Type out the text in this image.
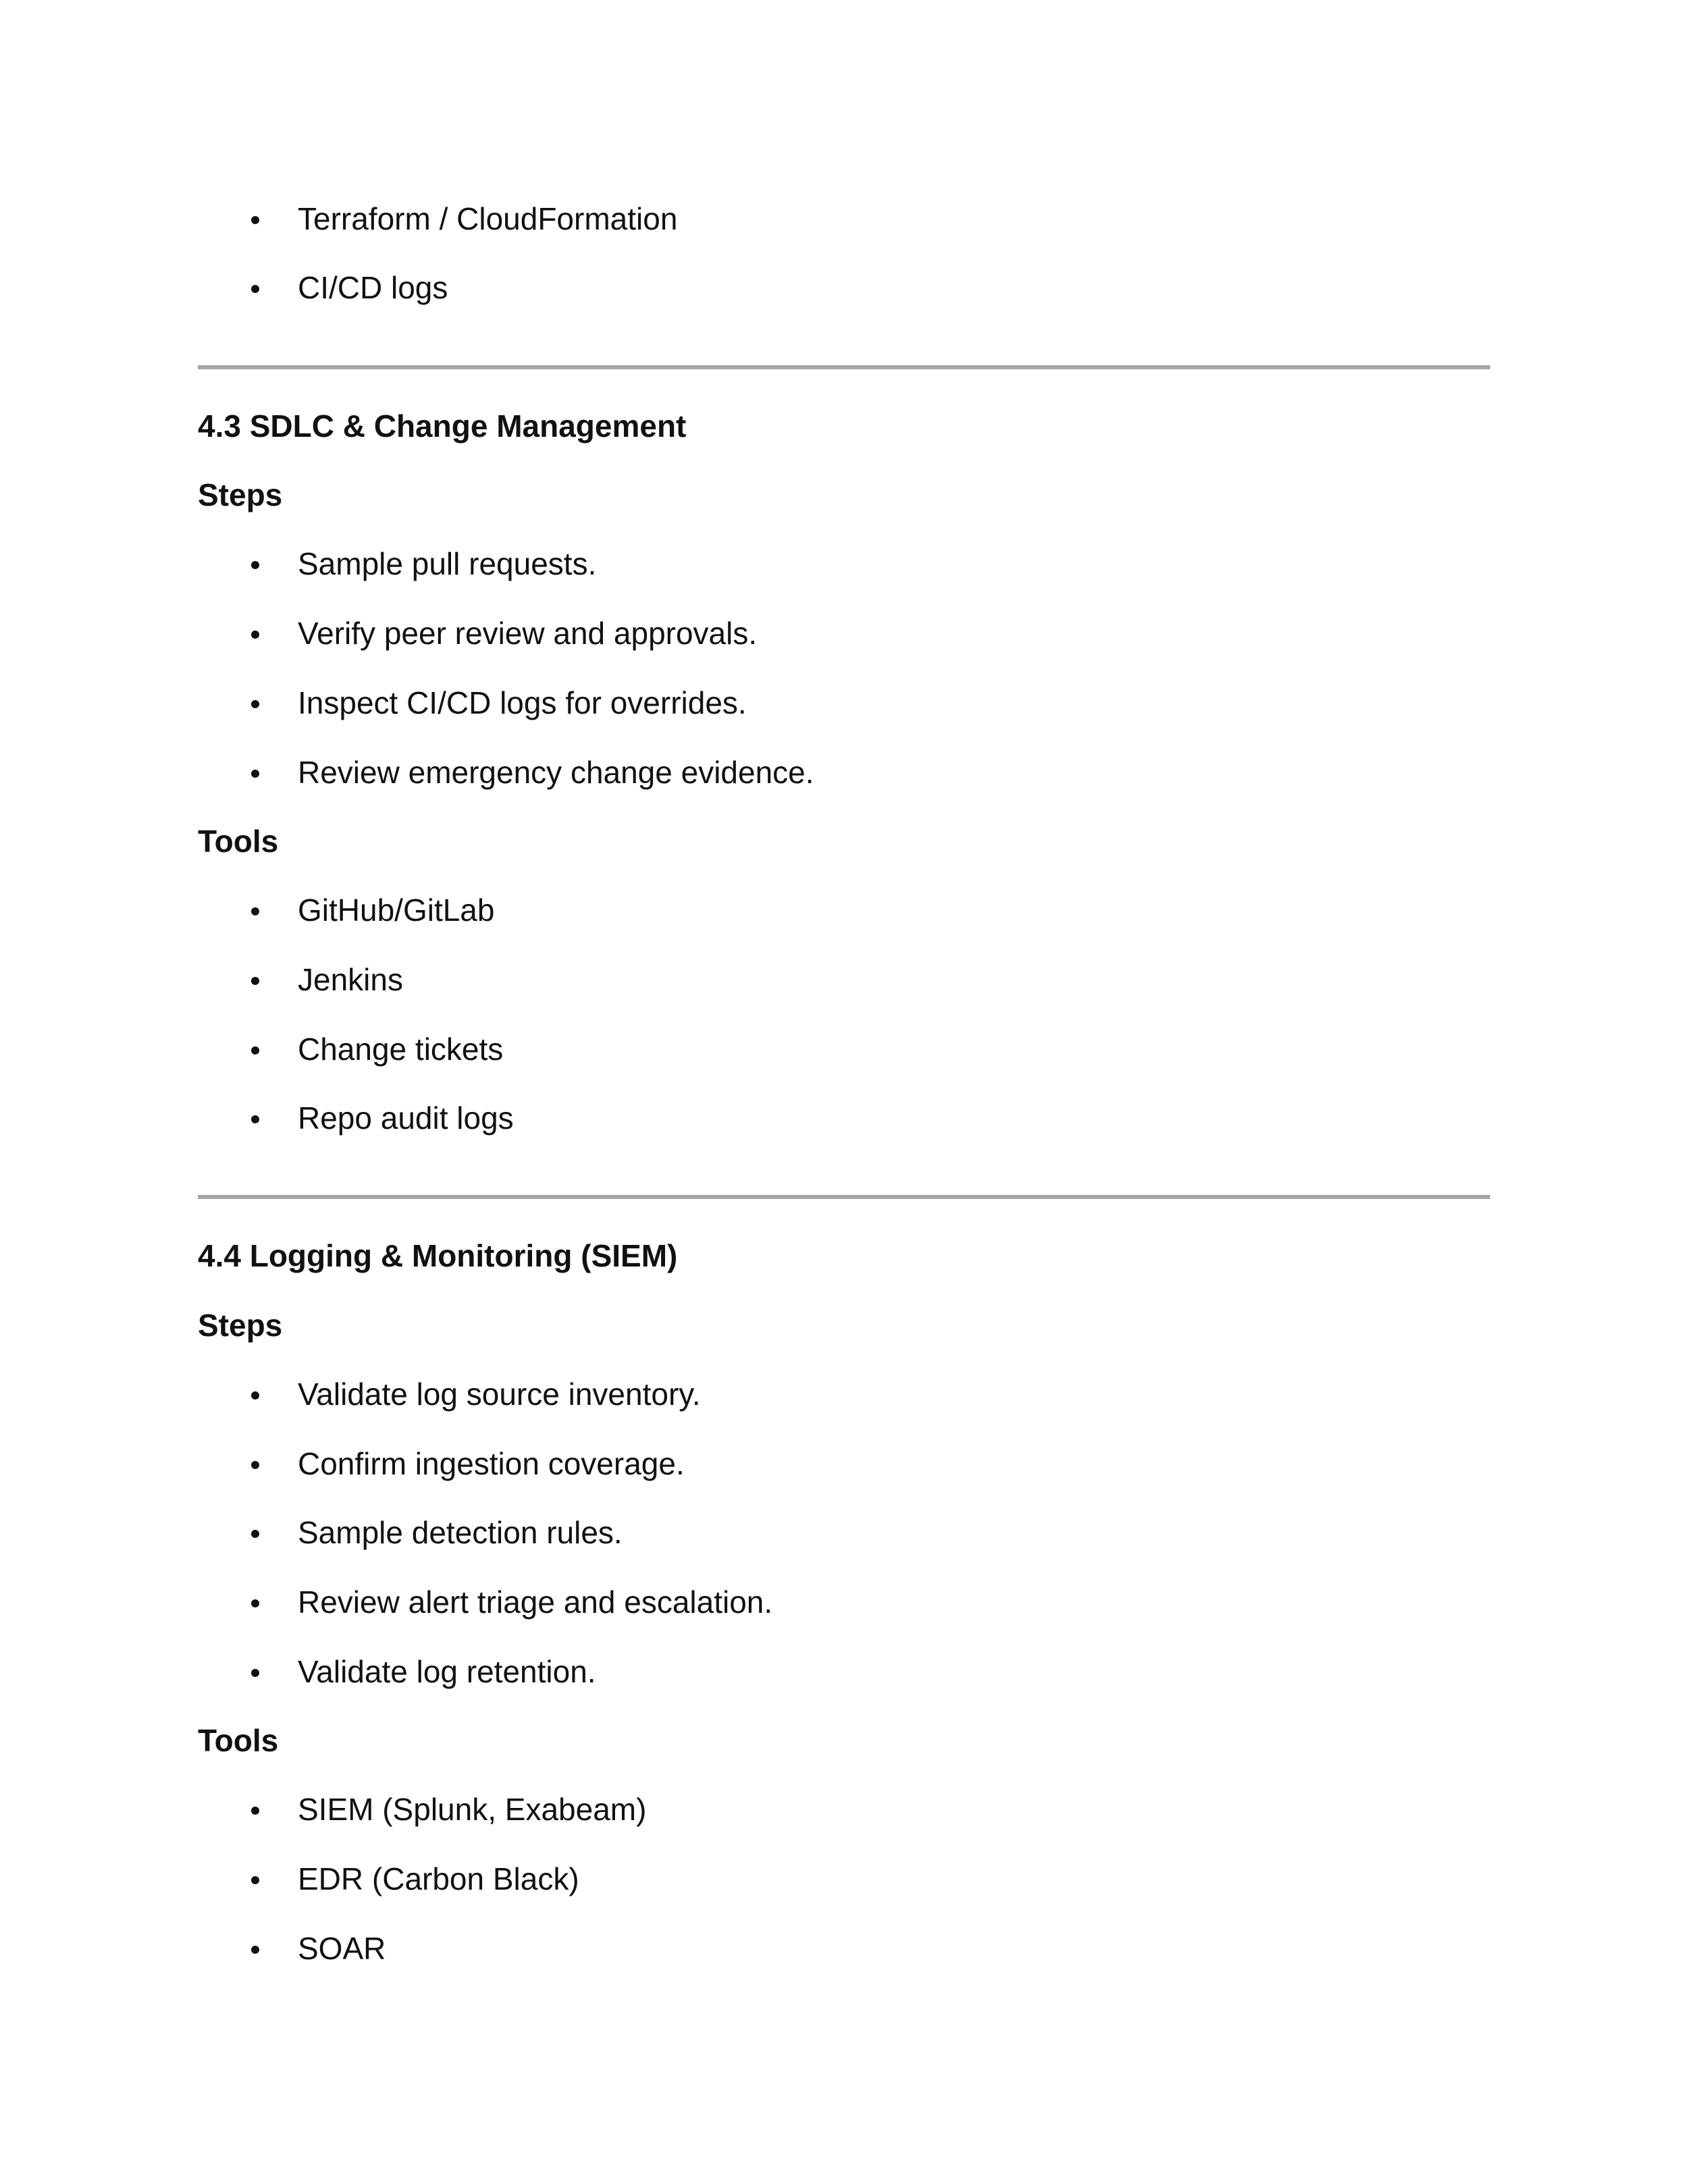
Terraform / CloudFormation
CI/CD logs
4.3 SDLC & Change Management
Steps
Sample pull requests.
Verify peer review and approvals.
Inspect CI/CD logs for overrides.
Review emergency change evidence.
Tools
GitHub/GitLab
Jenkins
Change tickets
Repo audit logs
4.4 Logging & Monitoring (SIEM)
Steps
Validate log source inventory.
Confirm ingestion coverage.
Sample detection rules.
Review alert triage and escalation.
Validate log retention.
Tools
SIEM (Splunk, Exabeam)
EDR (Carbon Black)
SOAR
